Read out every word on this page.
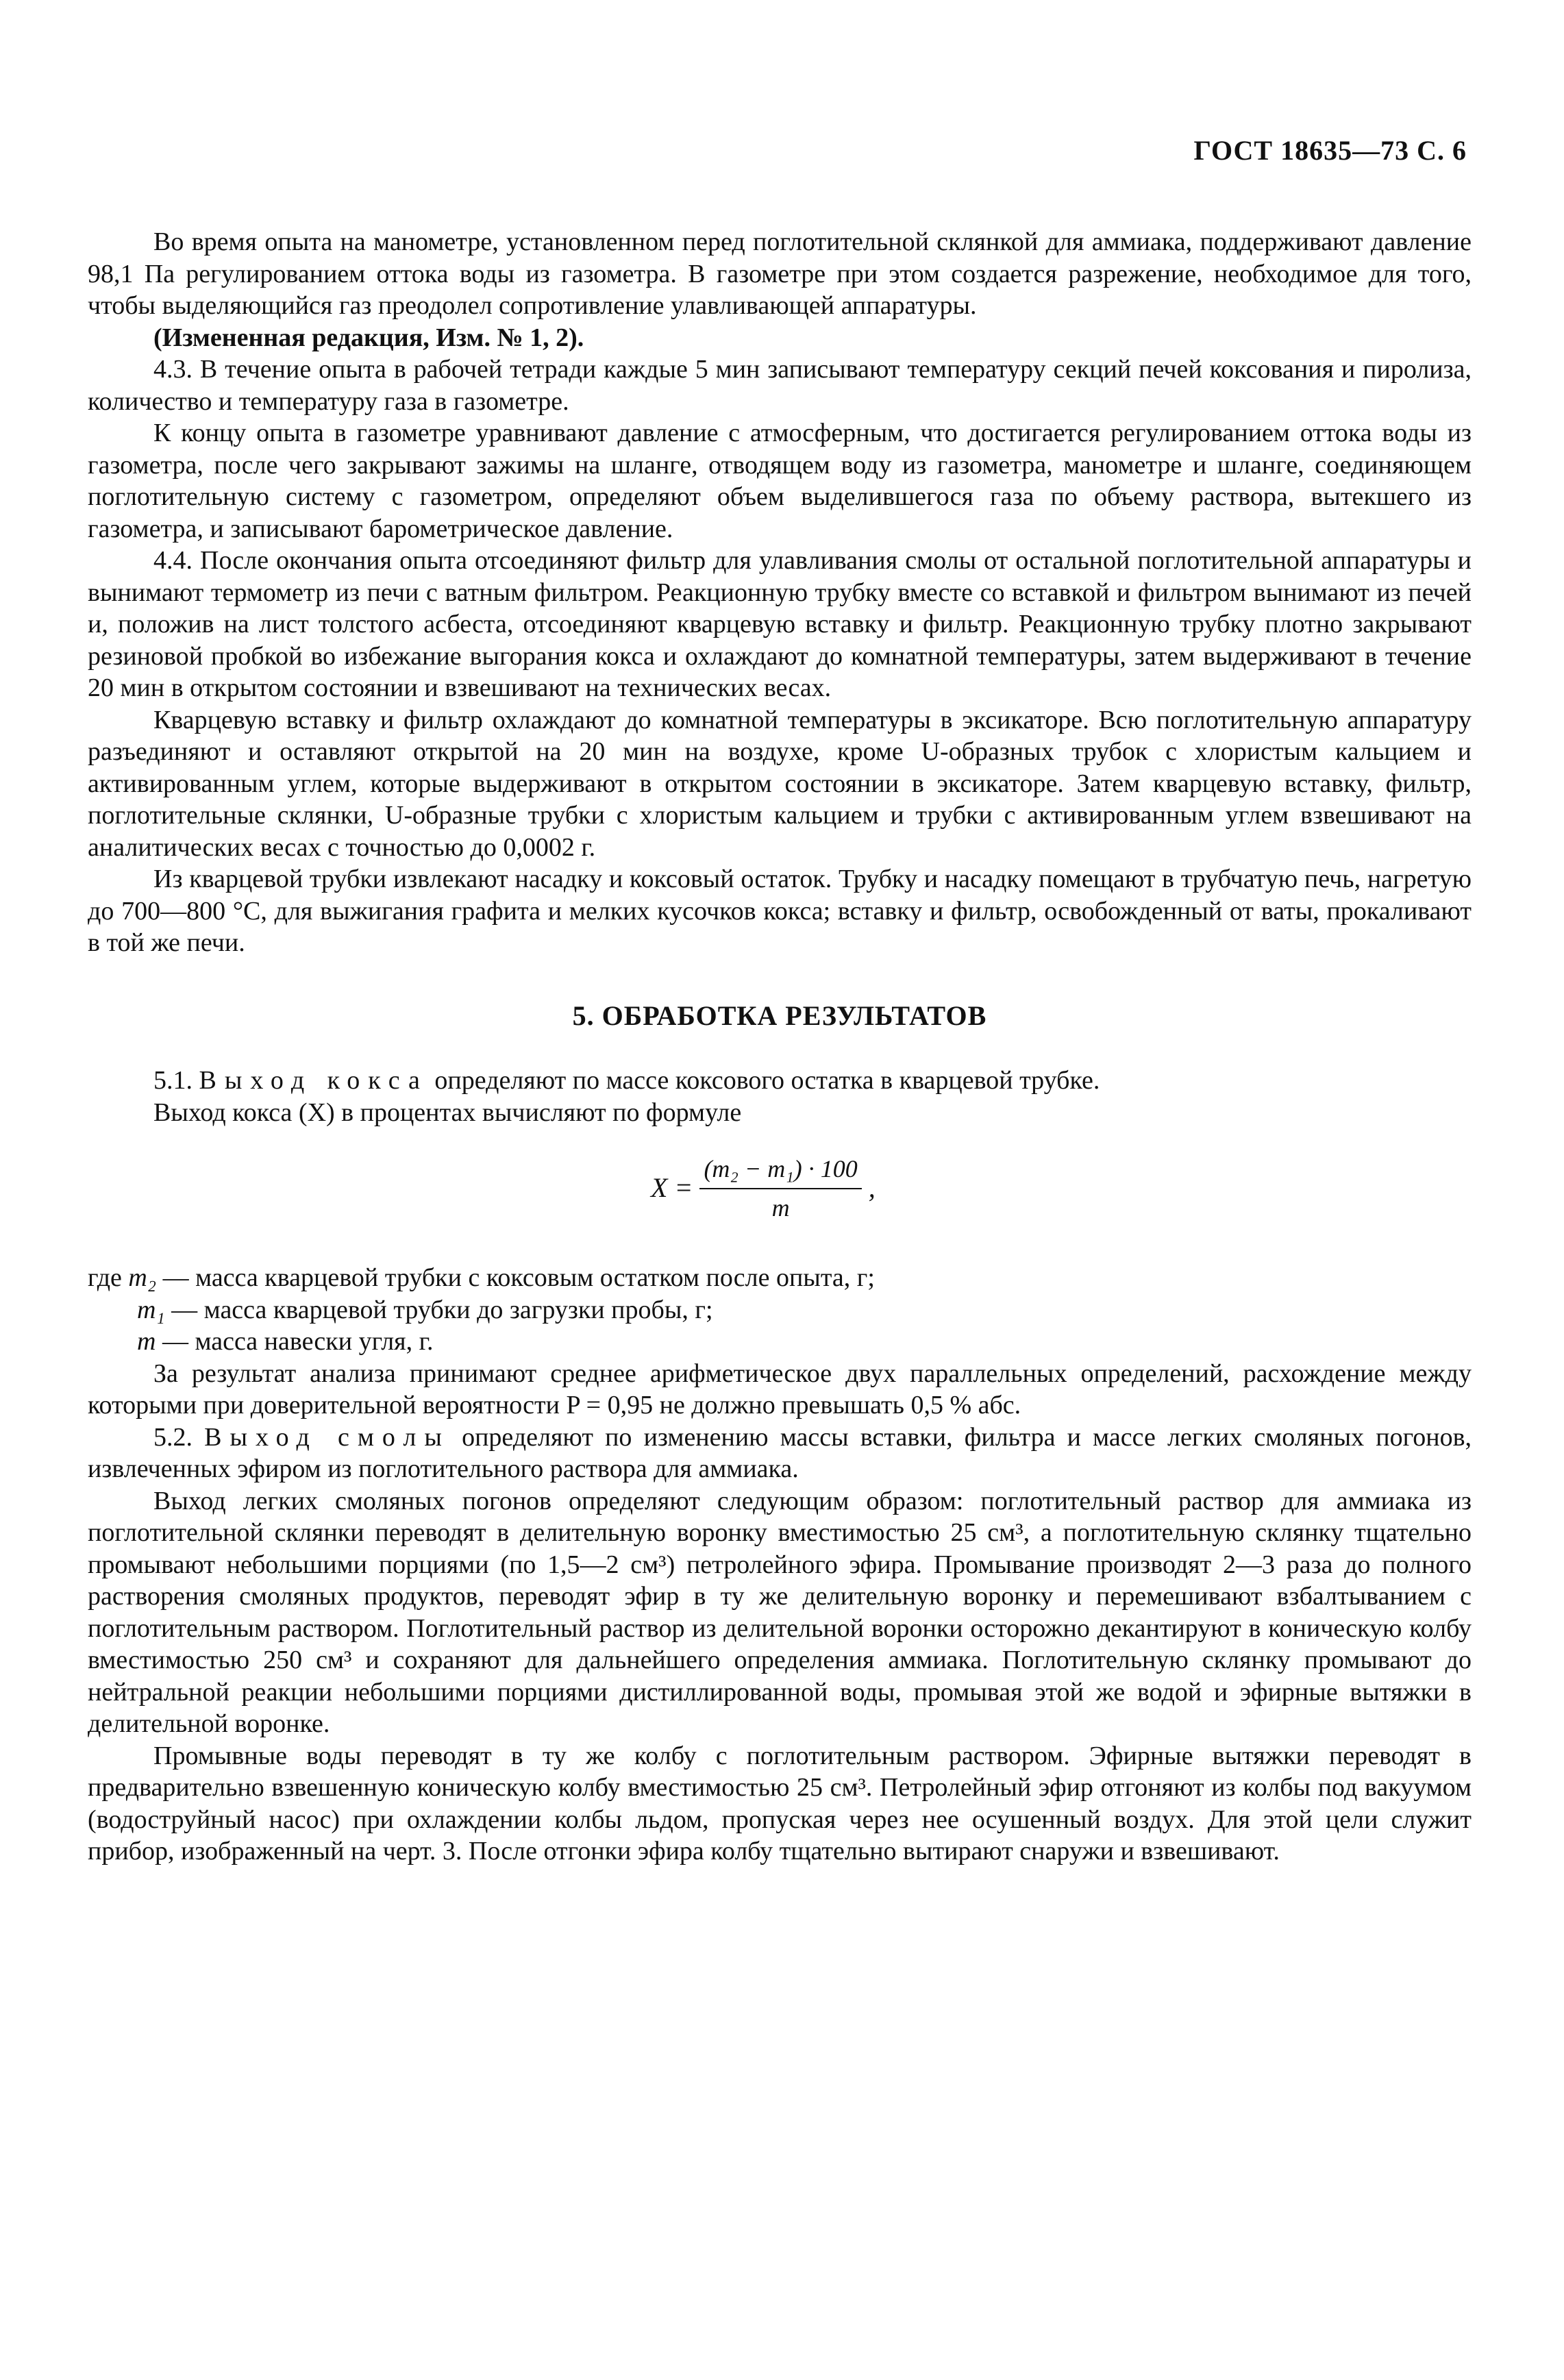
ГОСТ 18635—73 С. 6

Во время опыта на манометре, установленном перед поглотительной склянкой для аммиака, поддерживают давление 98,1 Па регулированием оттока воды из газометра. В газометре при этом создается разрежение, необходимое для того, чтобы выделяющийся газ преодолел сопротивление улавливающей аппаратуры.

(Измененная редакция, Изм. № 1, 2).

4.3. В течение опыта в рабочей тетради каждые 5 мин записывают температуру секций печей коксования и пиролиза, количество и температуру газа в газометре.

К концу опыта в газометре уравнивают давление с атмосферным, что достигается регулированием оттока воды из газометра, после чего закрывают зажимы на шланге, отводящем воду из газометра, манометре и шланге, соединяющем поглотительную систему с газометром, определяют объем выделившегося газа по объему раствора, вытекшего из газометра, и записывают барометрическое давление.

4.4. После окончания опыта отсоединяют фильтр для улавливания смолы от остальной поглотительной аппаратуры и вынимают термометр из печи с ватным фильтром. Реакционную трубку вместе со вставкой и фильтром вынимают из печей и, положив на лист толстого асбеста, отсоединяют кварцевую вставку и фильтр. Реакционную трубку плотно закрывают резиновой пробкой во избежание выгорания кокса и охлаждают до комнатной температуры, затем выдерживают в течение 20 мин в открытом состоянии и взвешивают на технических весах.

Кварцевую вставку и фильтр охлаждают до комнатной температуры в эксикаторе. Всю поглотительную аппаратуру разъединяют и оставляют открытой на 20 мин на воздухе, кроме U-образных трубок с хлористым кальцием и активированным углем, которые выдерживают в открытом состоянии в эксикаторе. Затем кварцевую вставку, фильтр, поглотительные склянки, U-образные трубки с хлористым кальцием и трубки с активированным углем взвешивают на аналитических весах с точностью до 0,0002 г.

Из кварцевой трубки извлекают насадку и коксовый остаток. Трубку и насадку помещают в трубчатую печь, нагретую до 700—800 °С, для выжигания графита и мелких кусочков кокса; вставку и фильтр, освобожденный от ваты, прокаливают в той же печи.

5. ОБРАБОТКА РЕЗУЛЬТАТОВ

5.1. Выход кокса определяют по массе коксового остатка в кварцевой трубке.

Выход кокса (X) в процентах вычисляют по формуле

$X = \frac{\text{(m₂ − m₁) · 100}}{m}$ ,
где
m₂
— масса кварцевой трубки с коксовым остатком после опыта, г;
m₁
— масса кварцевой трубки до загрузки пробы, г;
m
— масса навески угля, г.

За результат анализа принимают среднее арифметическое двух параллельных определений, расхождение между которыми при доверительной вероятности P = 0,95 не должно превышать 0,5 % абс.

5.2. Выход смолы определяют по изменению массы вставки, фильтра и массе легких смоляных погонов, извлеченных эфиром из поглотительного раствора для аммиака.

Выход легких смоляных погонов определяют следующим образом: поглотительный раствор для аммиака из поглотительной склянки переводят в делительную воронку вместимостью 25 см³, а поглотительную склянку тщательно промывают небольшими порциями (по 1,5—2 см³) петролейного эфира. Промывание производят 2—3 раза до полного растворения смоляных продуктов, переводят эфир в ту же делительную воронку и перемешивают взбалтыванием с поглотительным раствором. Поглотительный раствор из делительной воронки осторожно декантируют в коническую колбу вместимостью 250 см³ и сохраняют для дальнейшего определения аммиака. Поглотительную склянку промывают до нейтральной реакции небольшими порциями дистиллированной воды, промывая этой же водой и эфирные вытяжки в делительной воронке.

Промывные воды переводят в ту же колбу с поглотительным раствором. Эфирные вытяжки переводят в предварительно взвешенную коническую колбу вместимостью 25 см³. Петролейный эфир отгоняют из колбы под вакуумом (водоструйный насос) при охлаждении колбы льдом, пропуская через нее осушенный воздух. Для этой цели служит прибор, изображенный на черт. 3. После отгонки эфира колбу тщательно вытирают снаружи и взвешивают.
